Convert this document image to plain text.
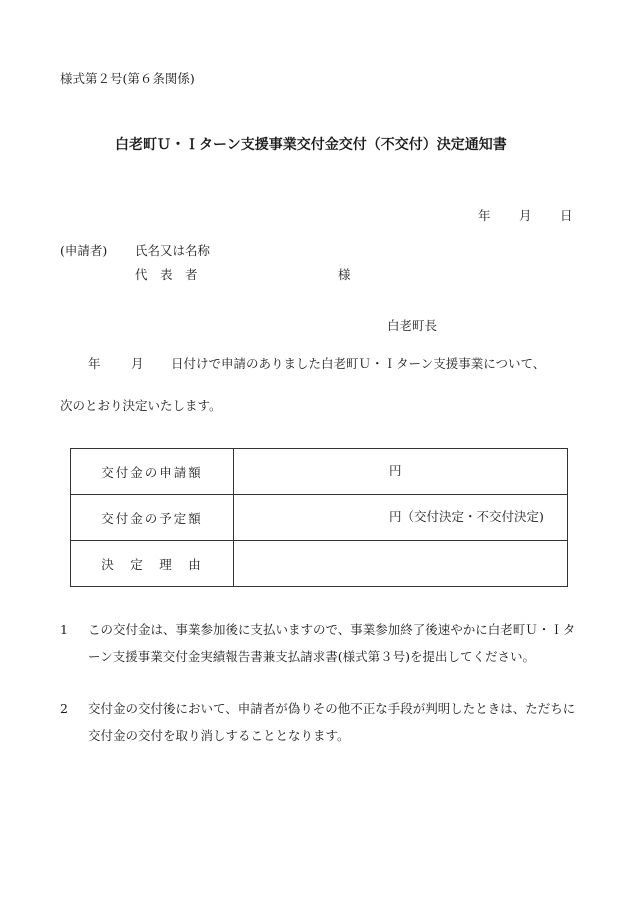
様式第２号(第６条関係)
白老町Ｕ・Ｉターン支援事業交付金交付（不交付）決定通知書
年 月 日
(申請者) 氏名又は名称
代　表　者	様
白老町長
年 月 日付けで申請のありました白老町Ｕ・Ｉターン支援事業について、
次のとおり決定いたします。
交付金の申請額	円

交付金の予定額	円（交付決定・不交付決定)

決　定　理　由	
1 この交付金は、事業参加後に支払いますので、事業参加終了後速やかに白老町Ｕ・Ｉターン支援事業交付金実績報告書兼支払請求書(様式第３号)を提出してください。
2 交付金の交付後において、申請者が偽りその他不正な手段が判明したときは、ただちに交付金の交付を取り消しすることとなります。
